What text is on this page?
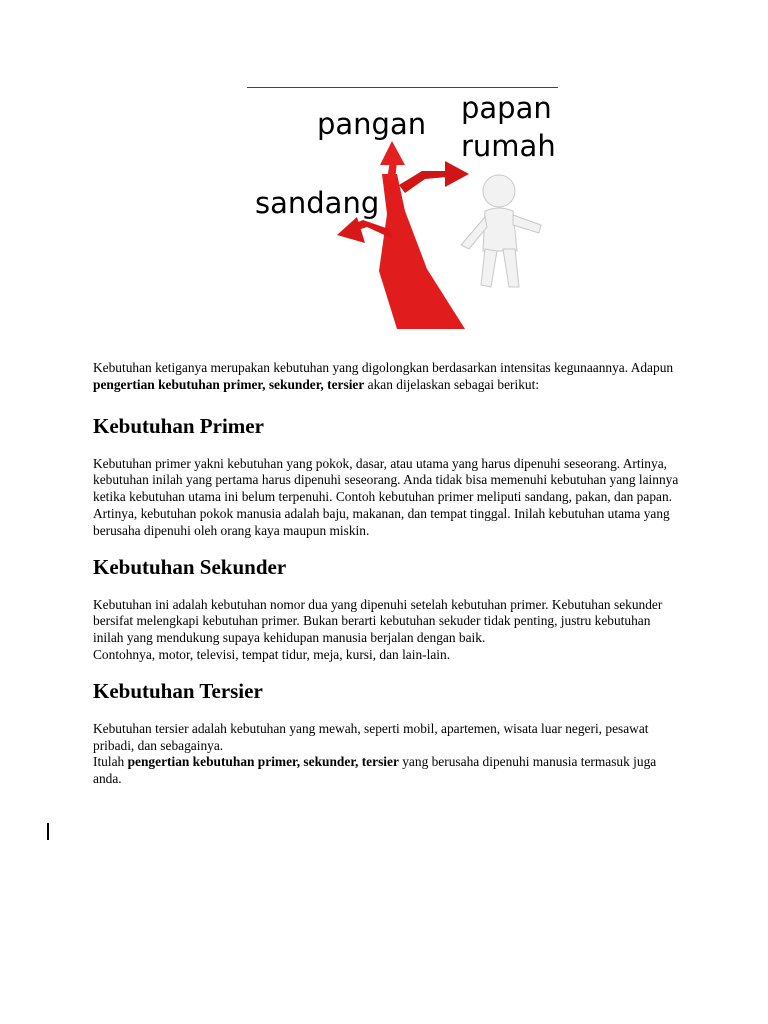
pangan papan
rumah
sandang

Kebutuhan ketiganya merupakan kebutuhan yang digolongkan berdasarkan intensitas kegunaannya. Adapun pengertian kebutuhan primer, sekunder, tersier akan dijelaskan sebagai berikut:

Kebutuhan Primer

Kebutuhan primer yakni kebutuhan yang pokok, dasar, atau utama yang harus dipenuhi seseorang. Artinya, kebutuhan inilah yang pertama harus dipenuhi seseorang. Anda tidak bisa memenuhi kebutuhan yang lainnya ketika kebutuhan utama ini belum terpenuhi. Contoh kebutuhan primer meliputi sandang, pakan, dan papan. Artinya, kebutuhan pokok manusia adalah baju, makanan, dan tempat tinggal. Inilah kebutuhan utama yang berusaha dipenuhi oleh orang kaya maupun miskin.

Kebutuhan Sekunder

Kebutuhan ini adalah kebutuhan nomor dua yang dipenuhi setelah kebutuhan primer. Kebutuhan sekunder bersifat melengkapi kebutuhan primer. Bukan berarti kebutuhan sekuder tidak penting, justru kebutuhan inilah yang mendukung supaya kehidupan manusia berjalan dengan baik.

Contohnya, motor, televisi, tempat tidur, meja, kursi, dan lain-lain.

Kebutuhan Tersier

Kebutuhan tersier adalah kebutuhan yang mewah, seperti mobil, apartemen, wisata luar negeri, pesawat pribadi, dan sebagainya.

Itulah pengertian kebutuhan primer, sekunder, tersier yang berusaha dipenuhi manusia termasuk juga anda.
